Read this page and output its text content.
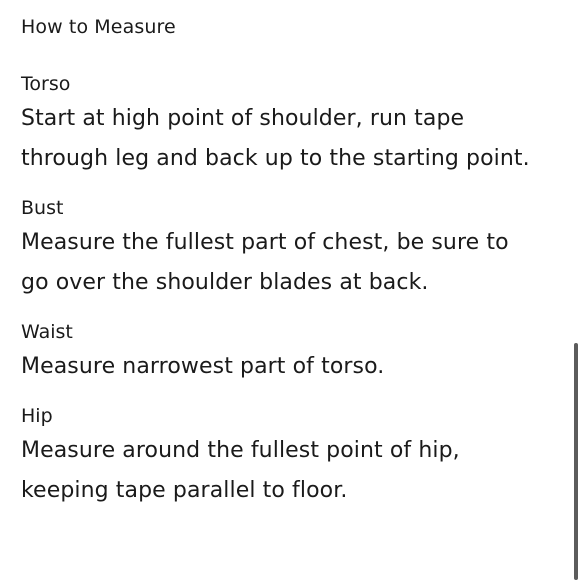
How to Measure
Torso
Start at high point of shoulder, run tape through leg and back up to the starting point.
Bust
Measure the fullest part of chest, be sure to go over the shoulder blades at back.
Waist
Measure narrowest part of torso.
Hip
Measure around the fullest point of hip, keeping tape parallel to floor.
